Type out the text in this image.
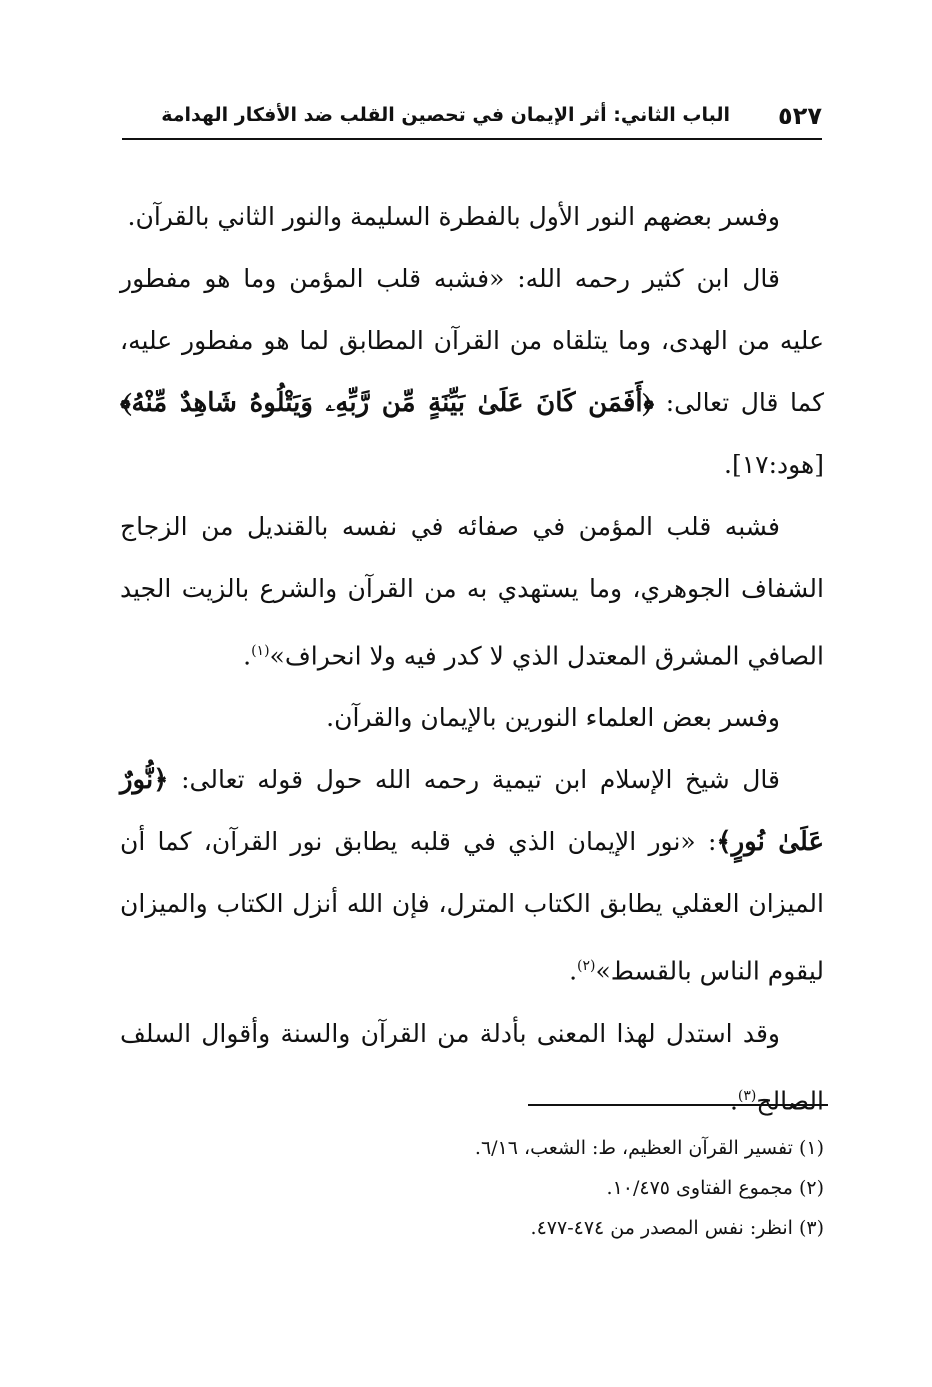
٥٢٧
الباب الثاني: أثر الإيمان في تحصين القلب ضد الأفكار الهدامة

وفسر بعضهم النور الأول بالفطرة السليمة والنور الثاني بالقرآن.

قال ابن كثير رحمه الله: «فشبه قلب المؤمن وما هو مفطور عليه من الهدى، وما يتلقاه من القرآن المطابق لما هو مفطور عليه، كما قال تعالى: ﴿أَفَمَن كَانَ عَلَىٰ بَيِّنَةٍ مِّن رَّبِّهِۦ وَيَتْلُوهُ شَاهِدٌ مِّنْهُ﴾[هود:١٧].

فشبه قلب المؤمن في صفائه في نفسه بالقنديل من الزجاج الشفاف الجوهري، وما يستهدي به من القرآن والشرع بالزيت الجيد الصافي المشرق المعتدل الذي لا كدر فيه ولا انحراف»$^{(١)}$.

وفسر بعض العلماء النورين بالإيمان والقرآن.

قال شيخ الإسلام ابن تيمية رحمه الله حول قوله تعالى: ﴿نُّورٌ عَلَىٰ نُورٍ﴾: «نور الإيمان الذي في قلبه يطابق نور القرآن، كما أن الميزان العقلي يطابق الكتاب المترل، فإن الله أنزل الكتاب والميزان ليقوم الناس بالقسط»$^{(٢)}$.

وقد استدل لهذا المعنى بأدلة من القرآن والسنة وأقوال السلف الصالح$^{(٣)}$.

(١) تفسير القرآن العظيم، ط: الشعب، ٦/١٦.

(٢) مجموع الفتاوى ١٠/٤٧٥.

(٣) انظر: نفس المصدر من ٤٧٤-٤٧٧.
